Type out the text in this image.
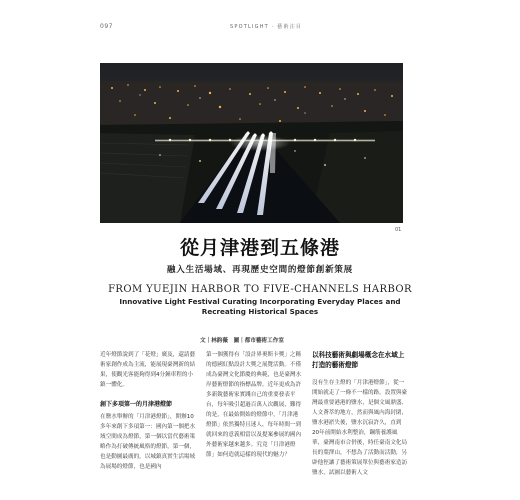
097	SPOTLIGHT · 藝術注目
01
從月津港到五條港
融入生活場域、再現歷史空間的燈節創新策展
FROM YUEJIN HARBOR TO FIVE-CHANNELS HARBOR
Innovative Light Festival Curating Incorporating Everyday Places and
Recreating Historical Spaces
文｜林韵薇　圖｜都市藝術工作室

近年燈節說到了「花燈」廣及，還請藝術家創作成為主流，能展現臺灣新的結果，使觀光客能夠得到4分鐘車程的小鎮一體化。

創下多項第一的月津港燈節

在鹽水舉辦的「月津港燈節」，開辦10多年來創下多項第一：國內第一個把水域空間成為燈節，第一個以當代藝術策略作為打破傳統風格的燈節，第一個，也是動圖最廣的，以城鎮真實生活場域為展場的燈節，也是國內

第一個獲得有「設計界奧斯卡獎」之稱的德國紅點設計大獎之展覽活動。不僅成為臺灣文化節慶的典範，也是臺灣水岸藝術燈節的指標品牌。近年更成為許多新銳藝術家實踐自己的重要發表平台，每年吸引超過百萬人次觀展，難得的是，在最始開始的燈節中，「月津港燈節」依然獨特且迷人，每年時間一到就回來的意義相當以及提案參展的國內外藝術家越來越多。究竟「月津港燈節」如何造就這樣的現代的魅力？

以科技藝術與劇場概念在水域上打造的藝術燈節

沒有生存主燈的「月津港燈節」，從一開始就走了一條不一樣的路。設置與臺灣最重要港港的鹽水，是個文風鼎盛、人文薈萃的地方，然而與風內海封閉，鹽水港淤失後，鹽水沉寂許久，直到20年前開始水利整治，鋼筋養護風華，臺灣南市合併後，時任臺南文化局長的葉澤山，不想為了活動而活動，另辟他徑讓了藝術策展單位與藝術家造訪鹽水，試圖以藝術人文
